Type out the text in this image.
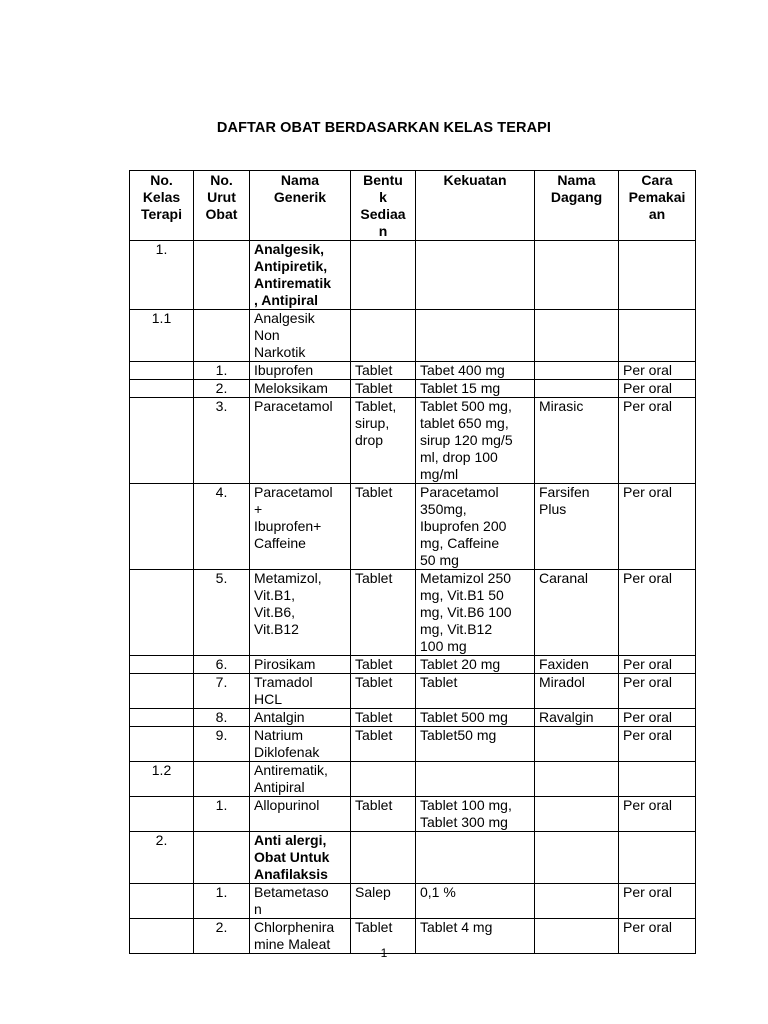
DAFTAR OBAT BERDASARKAN KELAS TERAPI
No.
Kelas
Terapi	No.
Urut
Obat	Nama
Generik	Bentu
k
Sediaa
n	Kekuatan	Nama
Dagang	Cara
Pemakai
an
1.		Analgesik,
Antipiretik,
Antirematik
, Antipiral				
1.1		Analgesik
Non
Narkotik				
	1.	Ibuprofen	Tablet	Tabet 400 mg		Per oral
	2.	Meloksikam	Tablet	Tablet 15 mg		Per oral
	3.	Paracetamol	Tablet,
sirup,
drop	Tablet 500 mg,
tablet 650 mg,
sirup 120 mg/5
ml, drop 100
mg/ml	Mirasic	Per oral
	4.	Paracetamol
+
Ibuprofen+
Caffeine	Tablet	Paracetamol
350mg,
Ibuprofen 200
mg, Caffeine
50 mg	Farsifen
Plus	Per oral
	5.	Metamizol,
Vit.B1,
Vit.B6,
Vit.B12	Tablet	Metamizol 250
mg, Vit.B1 50
mg, Vit.B6 100
mg, Vit.B12
100 mg	Caranal	Per oral
	6.	Pirosikam	Tablet	Tablet 20 mg	Faxiden	Per oral
	7.	Tramadol
HCL	Tablet	Tablet	Miradol	Per oral
	8.	Antalgin	Tablet	Tablet 500 mg	Ravalgin	Per oral
	9.	Natrium
Diklofenak	Tablet	Tablet50 mg		Per oral
1.2		Antirematik,
Antipiral				
	1.	Allopurinol	Tablet	Tablet 100 mg,
Tablet 300 mg		Per oral
2.		Anti alergi,
Obat Untuk
Anafilaksis				
	1.	Betametaso
n	Salep	0,1 %		Per oral
	2.	Chlorphenira
mine Maleat	Tablet	Tablet 4 mg		Per oral
1
